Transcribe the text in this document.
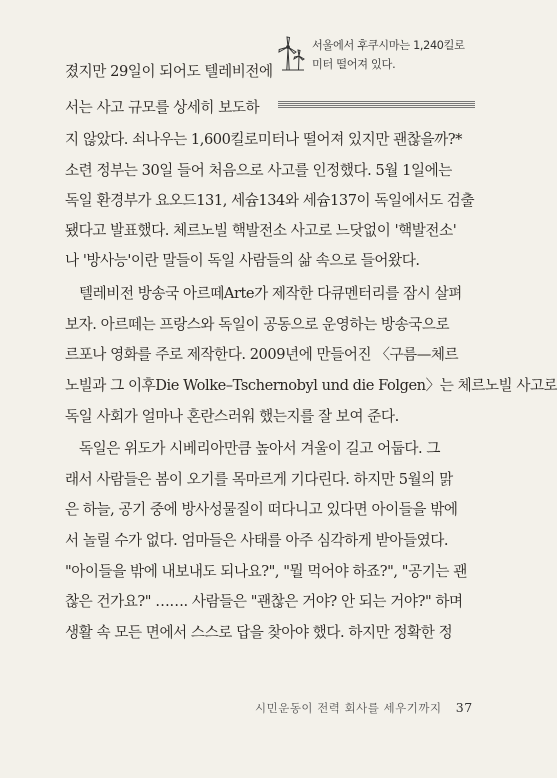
서울에서 후쿠시마는 1,240킬로
미터 떨어져 있다.
졌지만 29일이 되어도 텔레비전에
서는 사고 규모를 상세히 보도하
지 않았다. 쇠나우는 1,600킬로미터나 떨어져 있지만 괜찮을까?*
소련 정부는 30일 들어 처음으로 사고를 인정했다. 5월 1일에는
독일 환경부가 요오드131, 세슘134와 세슘137이 독일에서도 검출
됐다고 발표했다. 체르노빌 핵발전소 사고로 느닷없이 '핵발전소'
나 '방사능'이란 말들이 독일 사람들의 삶 속으로 들어왔다.
텔레비전 방송국 아르떼Arte가 제작한 다큐멘터리를 잠시 살펴
보자. 아르떼는 프랑스와 독일이 공동으로 운영하는 방송국으로
르포나 영화를 주로 제작한다. 2009년에 만들어진 〈구름—체르
노빌과 그 이후Die Wolke–Tschernobyl und die Folgen〉는 체르노빌 사고로
독일 사회가 얼마나 혼란스러워 했는지를 잘 보여 준다.
독일은 위도가 시베리아만큼 높아서 겨울이 길고 어둡다. 그
래서 사람들은 봄이 오기를 목마르게 기다린다. 하지만 5월의 맑
은 하늘, 공기 중에 방사성물질이 떠다니고 있다면 아이들을 밖에
서 놀릴 수가 없다. 엄마들은 사태를 아주 심각하게 받아들였다.
"아이들을 밖에 내보내도 되나요?", "뭘 먹어야 하죠?", "공기는 괜
찮은 건가요?" ……. 사람들은 "괜찮은 거야? 안 되는 거야?" 하며
생활 속 모든 면에서 스스로 답을 찾아야 했다. 하지만 정확한 정
시민운동이 전력 회사를 세우기까지 37
